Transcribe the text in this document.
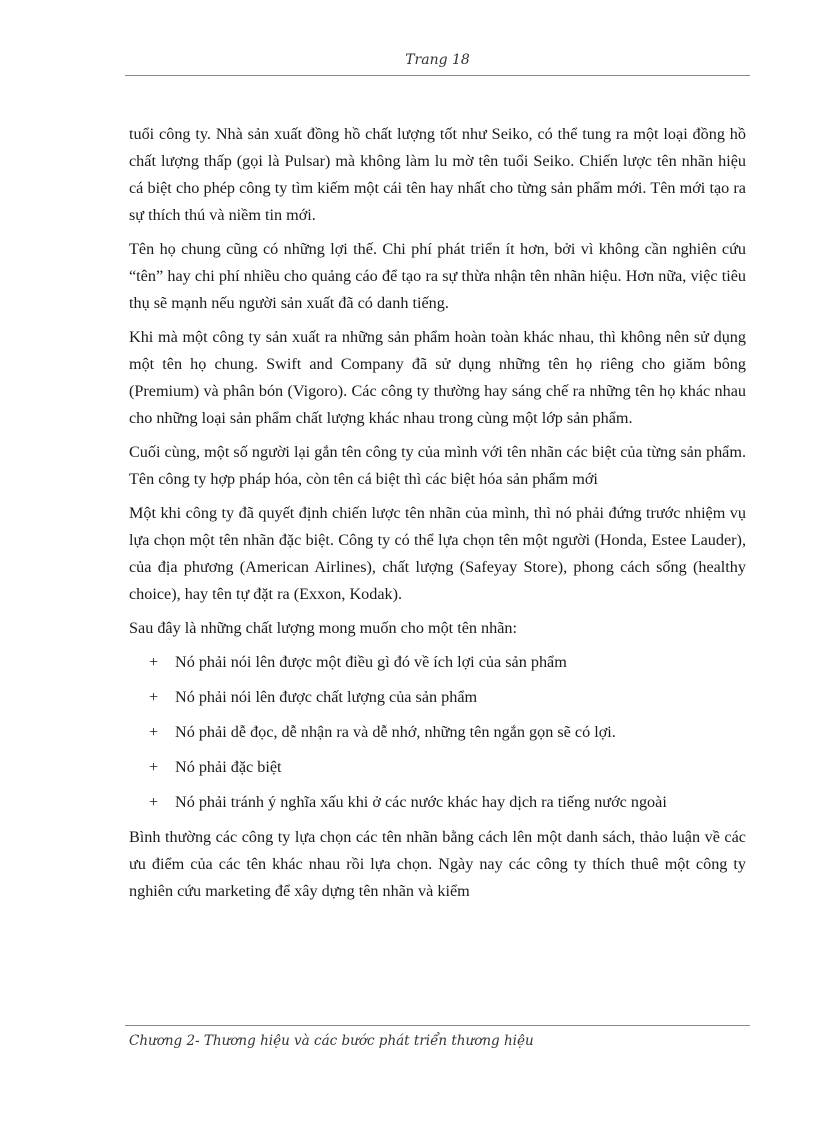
Trang 18

tuổi công ty. Nhà sản xuất đồng hồ chất lượng tốt như Seiko, có thể tung ra một loại đồng hồ chất lượng thấp (gọi là Pulsar) mà không làm lu mờ tên tuổi Seiko. Chiến lược tên nhãn hiệu cá biệt cho phép công ty tìm kiếm một cái tên hay nhất cho từng sản phẩm mới. Tên mới tạo ra sự thích thú và niềm tin mới.

Tên họ chung cũng có những lợi thế. Chi phí phát triển ít hơn, bởi vì không cần nghiên cứu “tên” hay chi phí nhiều cho quảng cáo để tạo ra sự thừa nhận tên nhãn hiệu. Hơn nữa, việc tiêu thụ sẽ mạnh nếu người sản xuất đã có danh tiếng.

Khi mà một công ty sản xuất ra những sản phẩm hoàn toàn khác nhau, thì không nên sử dụng một tên họ chung. Swift and Company đã sử dụng những tên họ riêng cho giăm bông (Premium) và phân bón (Vigoro). Các công ty thường hay sáng chế ra những tên họ khác nhau cho những loại sản phẩm chất lượng khác nhau trong cùng một lớp sản phẩm.

Cuối cùng, một số người lại gắn tên công ty của mình với tên nhãn các biệt của từng sản phẩm. Tên công ty hợp pháp hóa, còn tên cá biệt thì các biệt hóa sản phẩm mới

Một khi công ty đã quyết định chiến lược tên nhãn của mình, thì nó phải đứng trước nhiệm vụ lựa chọn một tên nhãn đặc biệt. Công ty có thể lựa chọn tên một người (Honda, Estee Lauder), của địa phương (American Airlines), chất lượng (Safeyay Store), phong cách sống (healthy choice), hay tên tự đặt ra (Exxon, Kodak).

Sau đây là những chất lượng mong muốn cho một tên nhãn:

+	Nó phải nói lên được một điều gì đó về ích lợi của sản phẩm
+	Nó phải nói lên được chất lượng của sản phẩm
+	Nó phải dễ đọc, dễ nhận ra và dễ nhớ, những tên ngắn gọn sẽ có lợi.
+	Nó phải đặc biệt
+	Nó phải tránh ý nghĩa xấu khi ở các nước khác hay dịch ra tiếng nước ngoài

Bình thường các công ty lựa chọn các tên nhãn bằng cách lên một danh sách, thảo luận về các ưu điểm của các tên khác nhau rồi lựa chọn. Ngày nay các công ty thích thuê một công ty nghiên cứu marketing để xây dựng tên nhãn và kiểm

Chương 2- Thương hiệu và các bước phát triển thương hiệu
